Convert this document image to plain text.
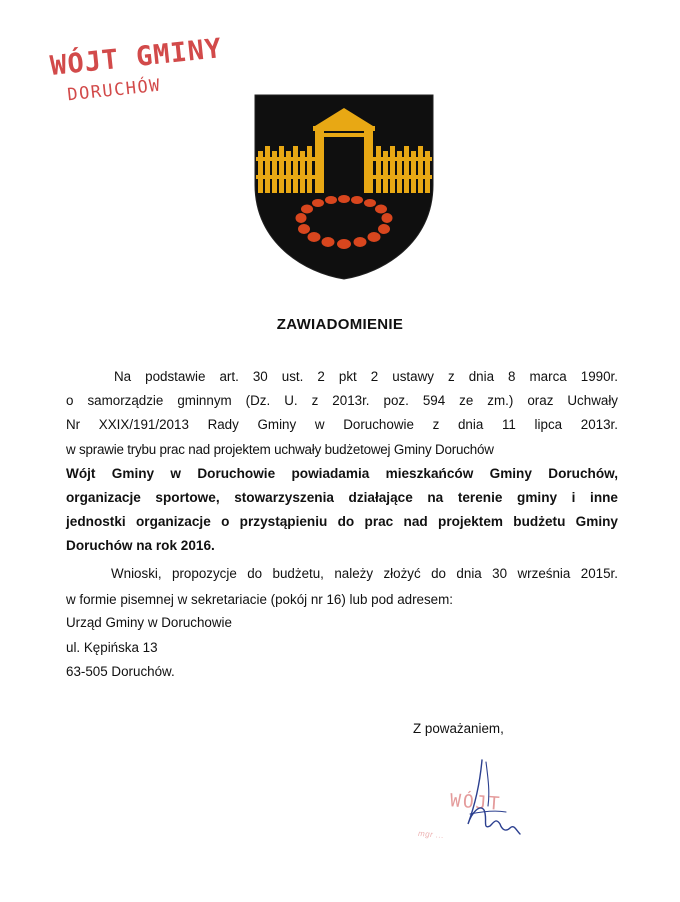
WÓJT GMINY
DORUCHÓW
ZAWIADOMIENIE
Na podstawie art. 30 ust. 2 pkt 2 ustawy z dnia 8 marca 1990r.
o samorządzie gminnym (Dz. U. z 2013r. poz. 594 ze zm.) oraz Uchwały
Nr XXIX/191/2013 Rady Gminy w Doruchowie z dnia 11 lipca 2013r.
w sprawie trybu prac nad projektem uchwały budżetowej Gminy Doruchów
Wójt Gminy w Doruchowie powiadamia mieszkańców Gminy Doruchów,
organizacje sportowe, stowarzyszenia działające na terenie gminy i inne
jednostki organizacje o przystąpieniu do prac nad projektem budżetu Gminy
Doruchów na rok 2016.
Wnioski, propozycje do budżetu, należy złożyć do dnia 30 września 2015r.
w formie pisemnej w sekretariacie (pokój nr 16) lub pod adresem:
Urząd Gminy w Doruchowie
ul. Kępińska 13
63-505 Doruchów.
Z poważaniem,
WÓJT
mgr ...
